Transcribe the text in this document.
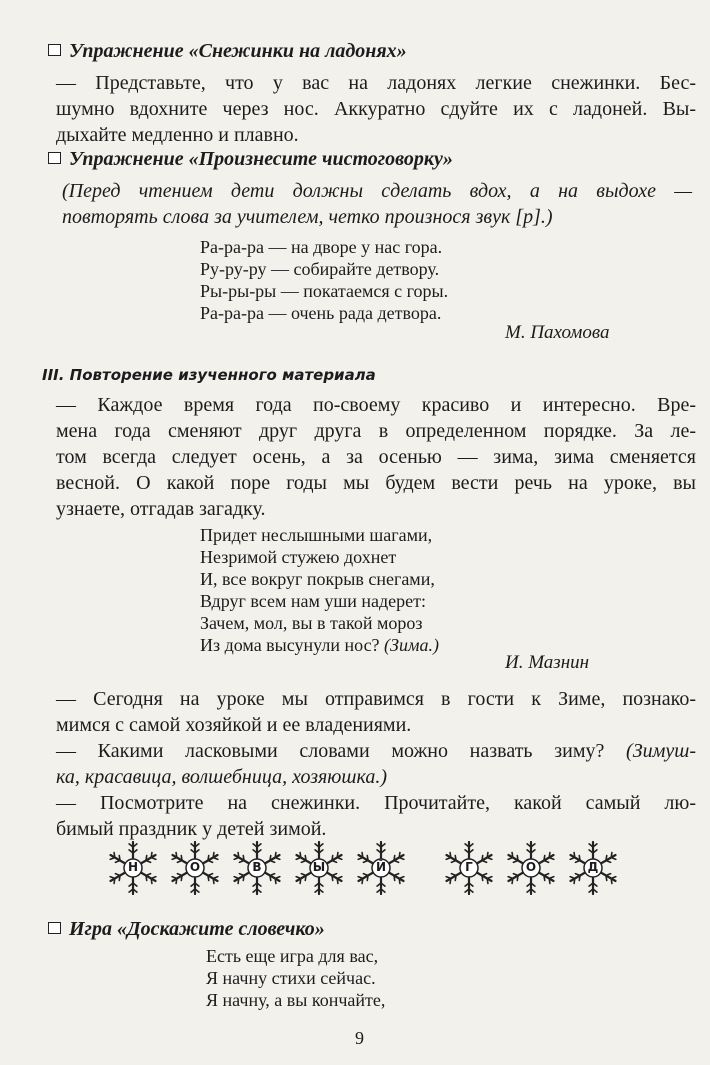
Упражнение «Снежинки на ладонях»
— Представьте, что у вас на ладонях легкие снежинки. Бес-
шумно вдохните через нос. Аккуратно сдуйте их с ладоней. Вы-
дыхайте медленно и плавно.
Упражнение «Произнесите чистоговорку»
(Перед чтением дети должны сделать вдох, а на выдохе —
повторять слова за учителем, четко произнося звук [р].)
Ра-ра-ра — на дворе у нас гора.
Ру-ру-ру — собирайте детвору.
Ры-ры-ры — покатаемся с горы.
Ра-ра-ра — очень рада детвора.
М. Пахомова
III. Повторение изученного материала
— Каждое время года по-своему красиво и интересно. Вре-
мена года сменяют друг друга в определенном порядке. За ле-
том всегда следует осень, а за осенью — зима, зима сменяется
весной. О какой поре годы мы будем вести речь на уроке, вы
узнаете, отгадав загадку.
Придет неслышными шагами,
Незримой стужею дохнет
И, все вокруг покрыв снегами,
Вдруг всем нам уши надерет:
Зачем, мол, вы в такой мороз
Из дома высунули нос? (Зима.)
И. Мазнин
— Сегодня на уроке мы отправимся в гости к Зиме, познако-
мимся с самой хозяйкой и ее владениями.
— Какими ласковыми словами можно назвать зиму? (Зимуш-
ка, красавица, волшебница, хозяюшка.)
— Посмотрите на снежинки. Прочитайте, какой самый лю-
бимый праздник у детей зимой.
Н	О	В	Ы	Й	Г	О	Д
Игра «Доскажите словечко»
Есть еще игра для вас,
Я начну стихи сейчас.
Я начну, а вы кончайте,
9
